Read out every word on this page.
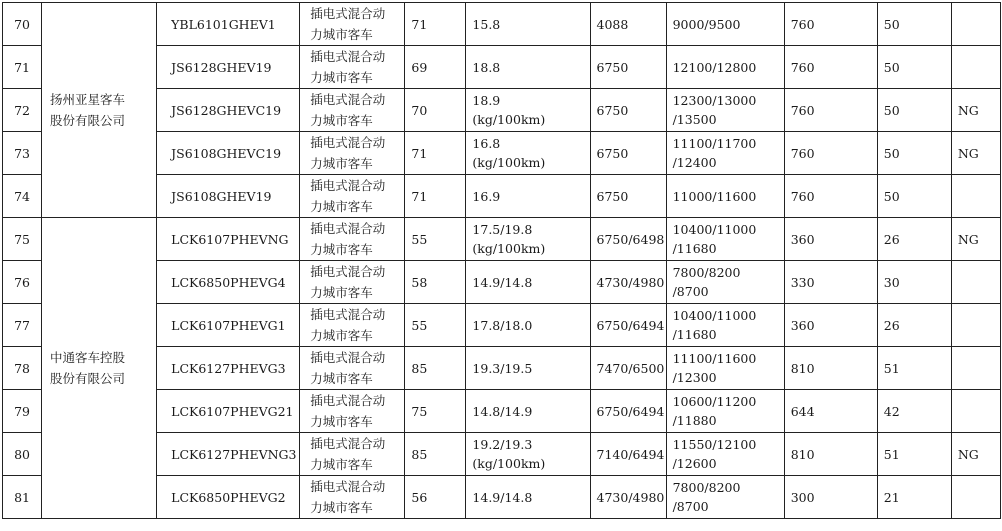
70	扬州亚星客车
股份有限公司	YBL6101GHEV1	插电式混合动
力城市客车	71	15.8	4088	9000/9500	760	50	
71		JS6128GHEV19	插电式混合动
力城市客车	69	18.8	6750	12100/12800	760	50	
72		JS6128GHEVC19	插电式混合动
力城市客车	70	18.9
(kg/100km)	6750	12300/13000
/13500	760	50	NG
73		JS6108GHEVC19	插电式混合动
力城市客车	71	16.8
(kg/100km)	6750	11100/11700
/12400	760	50	NG
74		JS6108GHEV19	插电式混合动
力城市客车	71	16.9	6750	11000/11600	760	50	
75	中通客车控股
股份有限公司	LCK6107PHEVNG	插电式混合动
力城市客车	55	17.5/19.8
(kg/100km)	6750/6498	10400/11000
/11680	360	26	NG
76		LCK6850PHEVG4	插电式混合动
力城市客车	58	14.9/14.8	4730/4980	7800/8200
/8700	330	30	
77		LCK6107PHEVG1	插电式混合动
力城市客车	55	17.8/18.0	6750/6494	10400/11000
/11680	360	26	
78		LCK6127PHEVG3	插电式混合动
力城市客车	85	19.3/19.5	7470/6500	11100/11600
/12300	810	51	
79		LCK6107PHEVG21	插电式混合动
力城市客车	75	14.8/14.9	6750/6494	10600/11200
/11880	644	42	
80		LCK6127PHEVNG3	插电式混合动
力城市客车	85	19.2/19.3
(kg/100km)	7140/6494	11550/12100
/12600	810	51	NG
81		LCK6850PHEVG2	插电式混合动
力城市客车	56	14.9/14.8	4730/4980	7800/8200
/8700	300	21	
